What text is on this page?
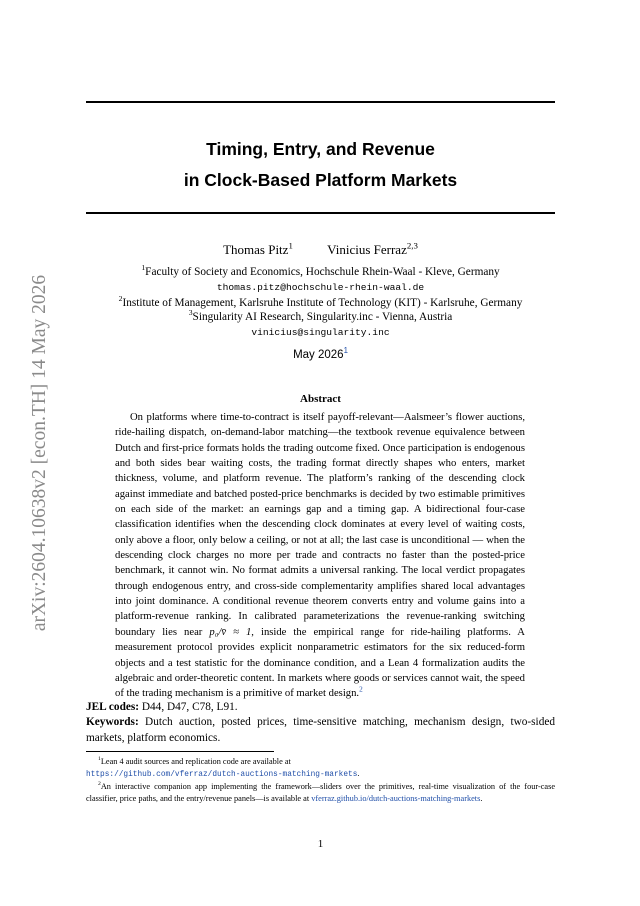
arXiv:2604.10638v2 [econ.TH] 14 May 2026
Timing, Entry, and Revenue
in Clock-Based Platform Markets
Thomas Pitz$^1$	Vinicius Ferraz$^{2,3}$
$^1$Faculty of Society and Economics, Hochschule Rhein-Waal - Kleve, Germany
thomas.pitz@hochschule-rhein-waal.de
$^2$Institute of Management, Karlsruhe Institute of Technology (KIT) - Karlsruhe, Germany
$^3$Singularity AI Research, Singularity.inc - Vienna, Austria
vinicius@singularity.inc
May 2026$^1$
Abstract
On platforms where time-to-contract is itself payoff-relevant—Aalsmeer’s flower auctions, ride-hailing dispatch, on-demand-labor matching—the textbook revenue equivalence between Dutch and first-price formats holds the trading outcome fixed. Once participation is endogenous and both sides bear waiting costs, the trading format directly shapes who enters, market thickness, volume, and platform revenue. The platform’s ranking of the descending clock against immediate and batched posted-price benchmarks is decided by two estimable primitives on each side of the market: an earnings gap and a timing gap. A bidirectional four-case classification identifies when the descending clock dominates at every level of waiting costs, only above a floor, only below a ceiling, or not at all; the last case is unconditional — when the descending clock charges no more per trade and contracts no faster than the posted-price benchmark, it cannot win. No format admits a universal ranking. The local verdict propagates through endogenous entry, and cross-side complementarity amplifies shared local advantages into joint dominance. A conditional revenue theorem converts entry and volume gains into a platform-revenue ranking. In calibrated parameterizations the revenue-ranking switching boundary lies near p₀/v̄ ≈ 1, inside the empirical range for ride-hailing platforms. A measurement protocol provides explicit nonparametric estimators for the six reduced-form objects and a test statistic for the dominance condition, and a Lean 4 formalization audits the algebraic and order-theoretic content. In markets where goods or services cannot wait, the speed of the trading mechanism is a primitive of market design.$^2$
JEL codes: D44, D47, C78, L91.
Keywords: Dutch auction, posted prices, time-sensitive matching, mechanism design, two-sided markets, platform economics.
$^1$Lean 4 audit sources and replication code are available at
https://github.com/vferraz/dutch-auctions-matching-markets.
$^2$An interactive companion app implementing the framework—sliders over the primitives, real-time visualization of the four-case classifier, price paths, and the entry/revenue panels—is available at vferraz.github.io/dutch-auctions-matching-markets.
1
